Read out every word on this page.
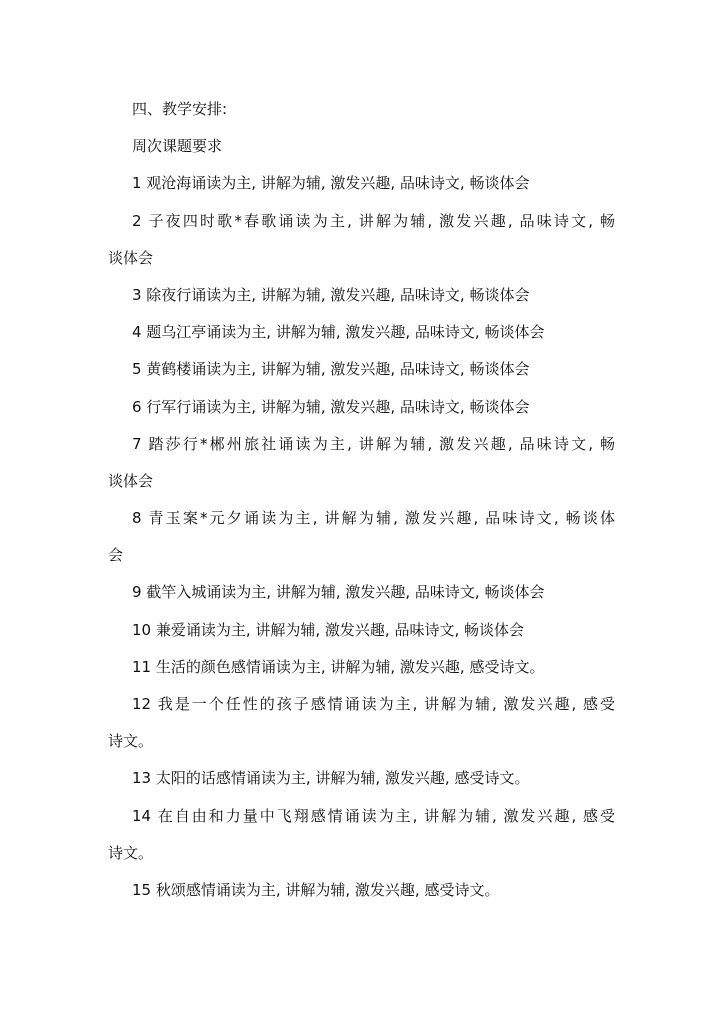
四、教学安排:
周次课题要求
1 观沧海诵读为主, 讲解为辅, 激发兴趣, 品味诗文, 畅谈体会
2 子夜四时歌*春歌诵读为主, 讲解为辅, 激发兴趣, 品味诗文, 畅
谈体会
3 除夜行诵读为主, 讲解为辅, 激发兴趣, 品味诗文, 畅谈体会
4 题乌江亭诵读为主, 讲解为辅, 激发兴趣, 品味诗文, 畅谈体会
5 黄鹤楼诵读为主, 讲解为辅, 激发兴趣, 品味诗文, 畅谈体会
6 行军行诵读为主, 讲解为辅, 激发兴趣, 品味诗文, 畅谈体会
7 踏莎行*郴州旅社诵读为主, 讲解为辅, 激发兴趣, 品味诗文, 畅
谈体会
8 青玉案*元夕诵读为主, 讲解为辅, 激发兴趣, 品味诗文, 畅谈体
会
9 截竿入城诵读为主, 讲解为辅, 激发兴趣, 品味诗文, 畅谈体会
10 兼爱诵读为主, 讲解为辅, 激发兴趣, 品味诗文, 畅谈体会
11 生活的颜色感情诵读为主, 讲解为辅, 激发兴趣, 感受诗文。
12 我是一个任性的孩子感情诵读为主, 讲解为辅, 激发兴趣, 感受
诗文。
13 太阳的话感情诵读为主, 讲解为辅, 激发兴趣, 感受诗文。
14 在自由和力量中飞翔感情诵读为主, 讲解为辅, 激发兴趣, 感受
诗文。
15 秋颂感情诵读为主, 讲解为辅, 激发兴趣, 感受诗文。
